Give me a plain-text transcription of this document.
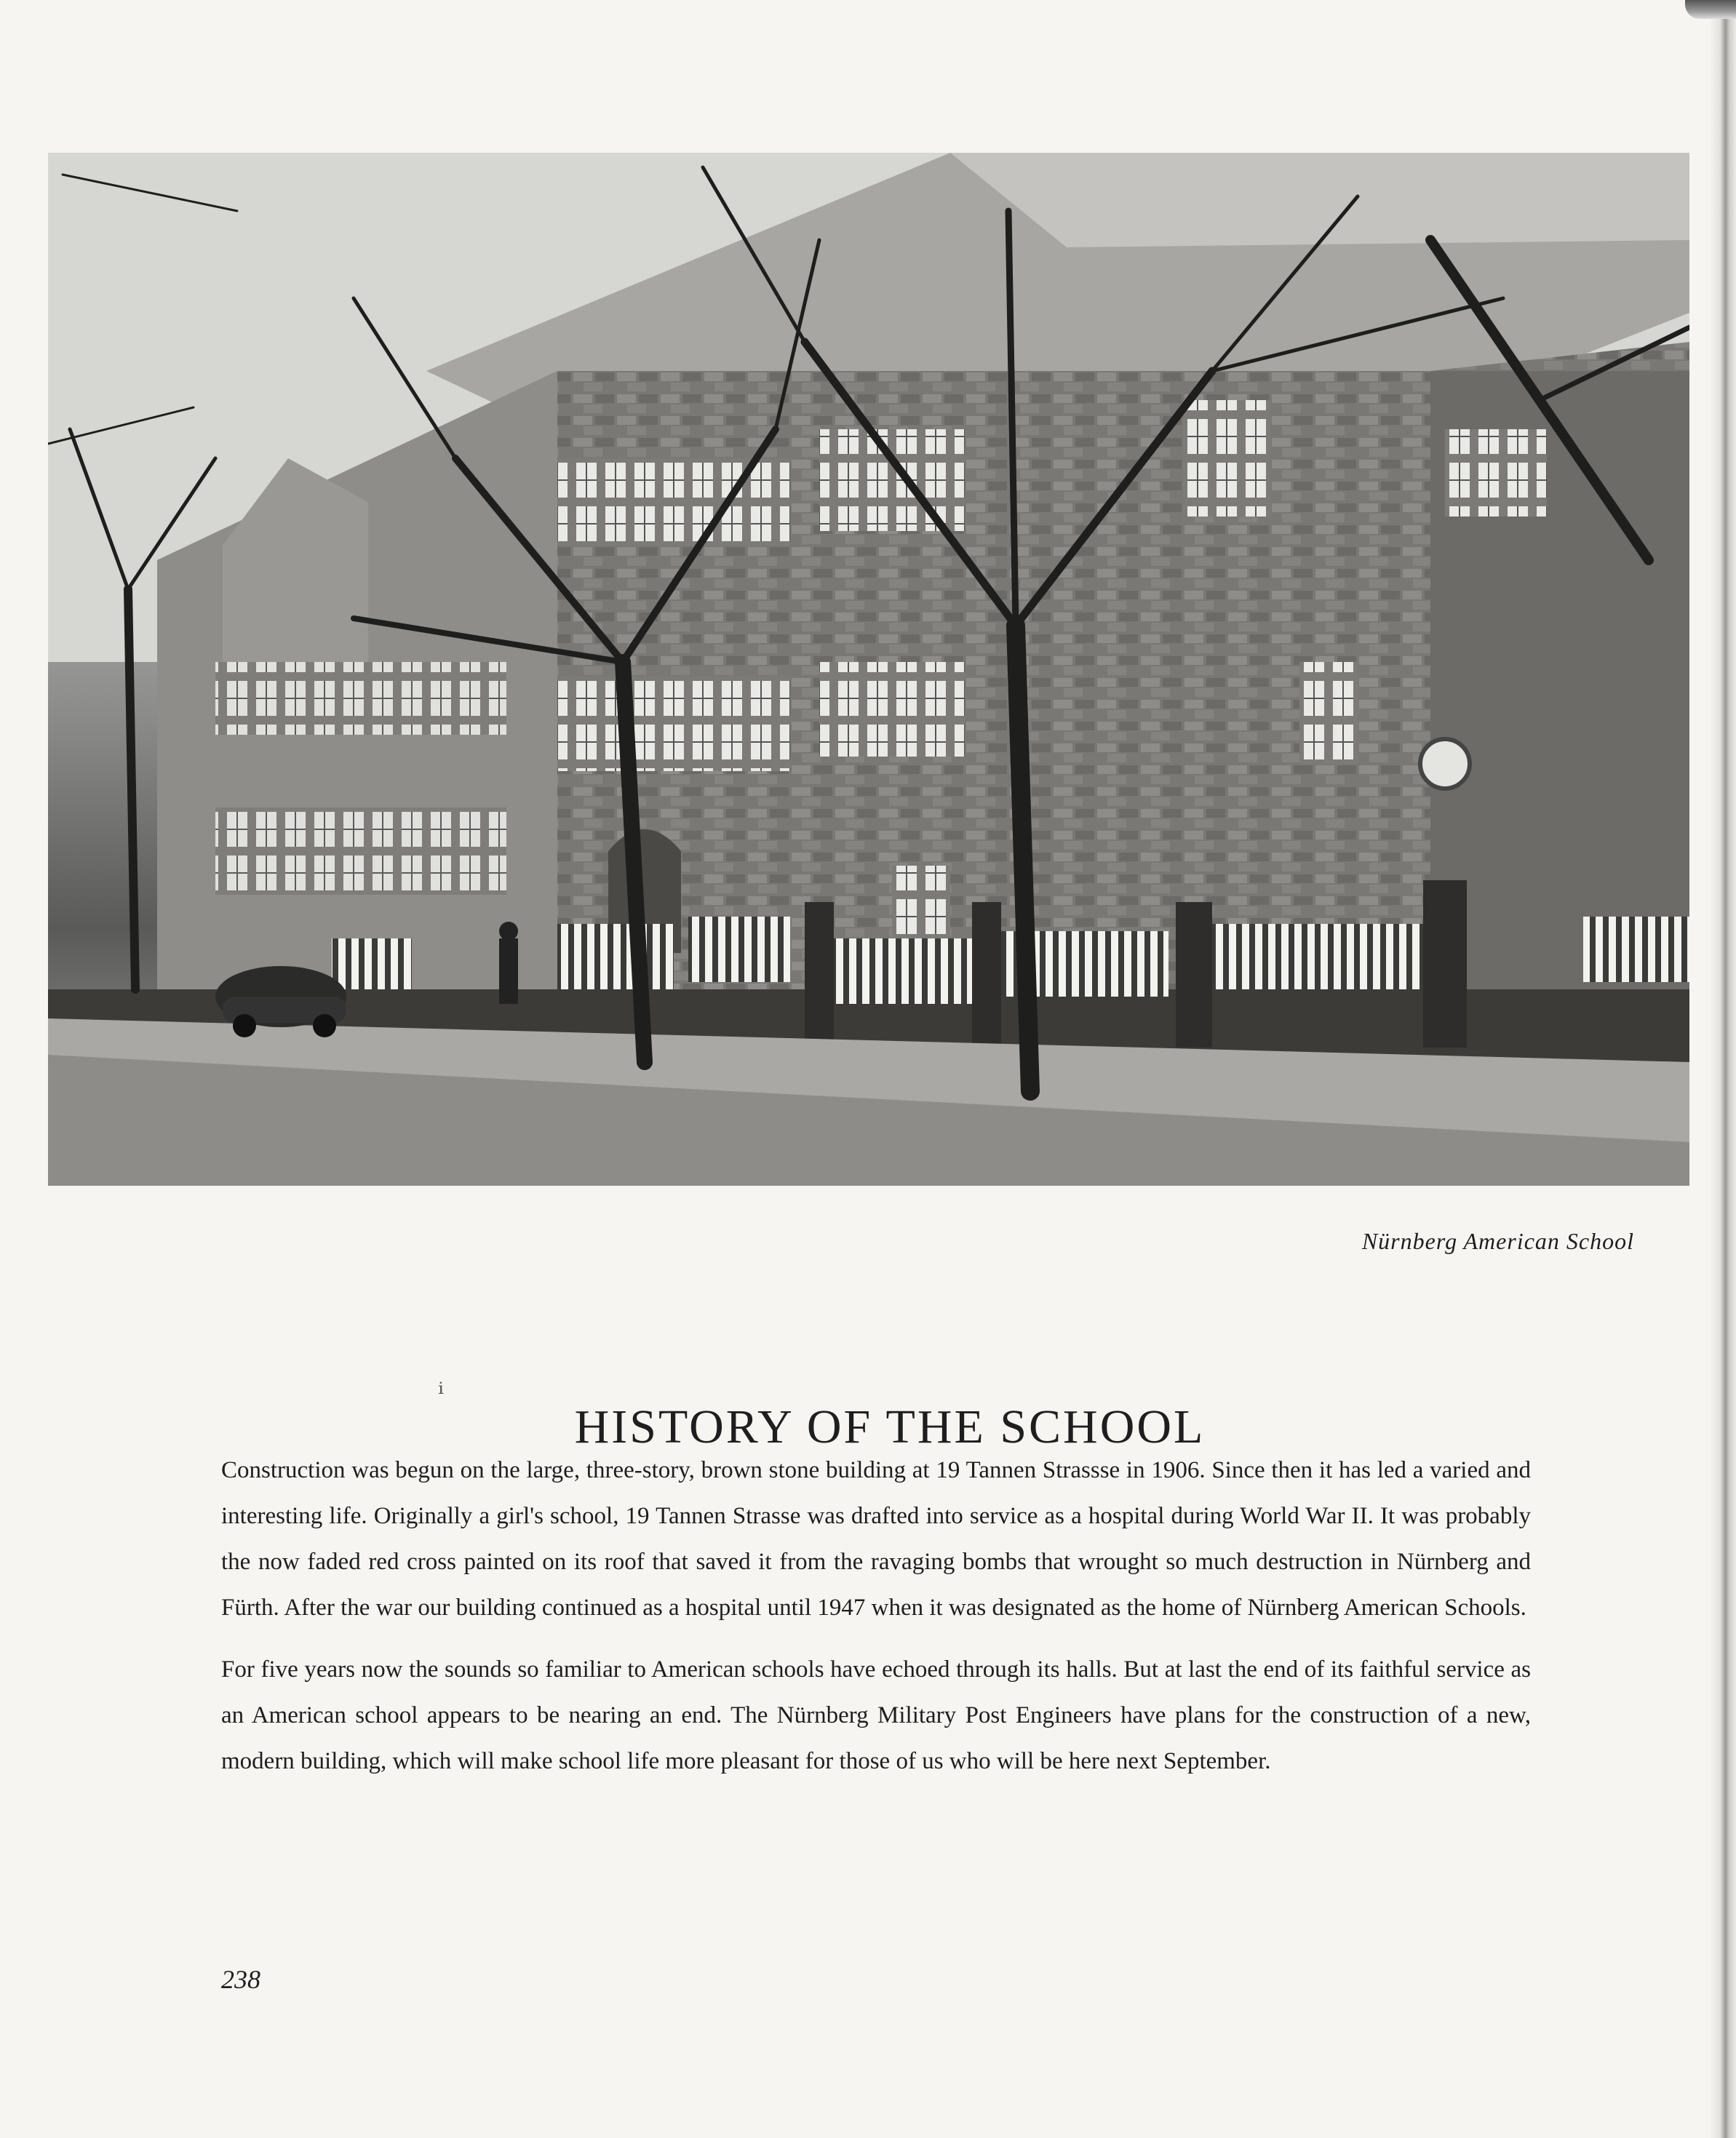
Nürnberg American School
ⁱ
HISTORY OF THE SCHOOL

Construction was begun on the large, three-story, brown stone building at 19 Tannen Strassse in 1906. Since then it has led a varied and interesting life. Originally a girl's school, 19 Tannen Strasse was drafted into service as a hospital during World War II. It was probably the now faded red cross painted on its roof that saved it from the ravaging bombs that wrought so much destruction in Nürnberg and Fürth. After the war our building continued as a hospital until 1947 when it was designated as the home of Nürnberg American Schools.

For five years now the sounds so familiar to American schools have echoed through its halls. But at last the end of its faithful service as an American school appears to be nearing an end. The Nürnberg Military Post Engineers have plans for the construction of a new, modern building, which will make school life more pleasant for those of us who will be here next September.

238
